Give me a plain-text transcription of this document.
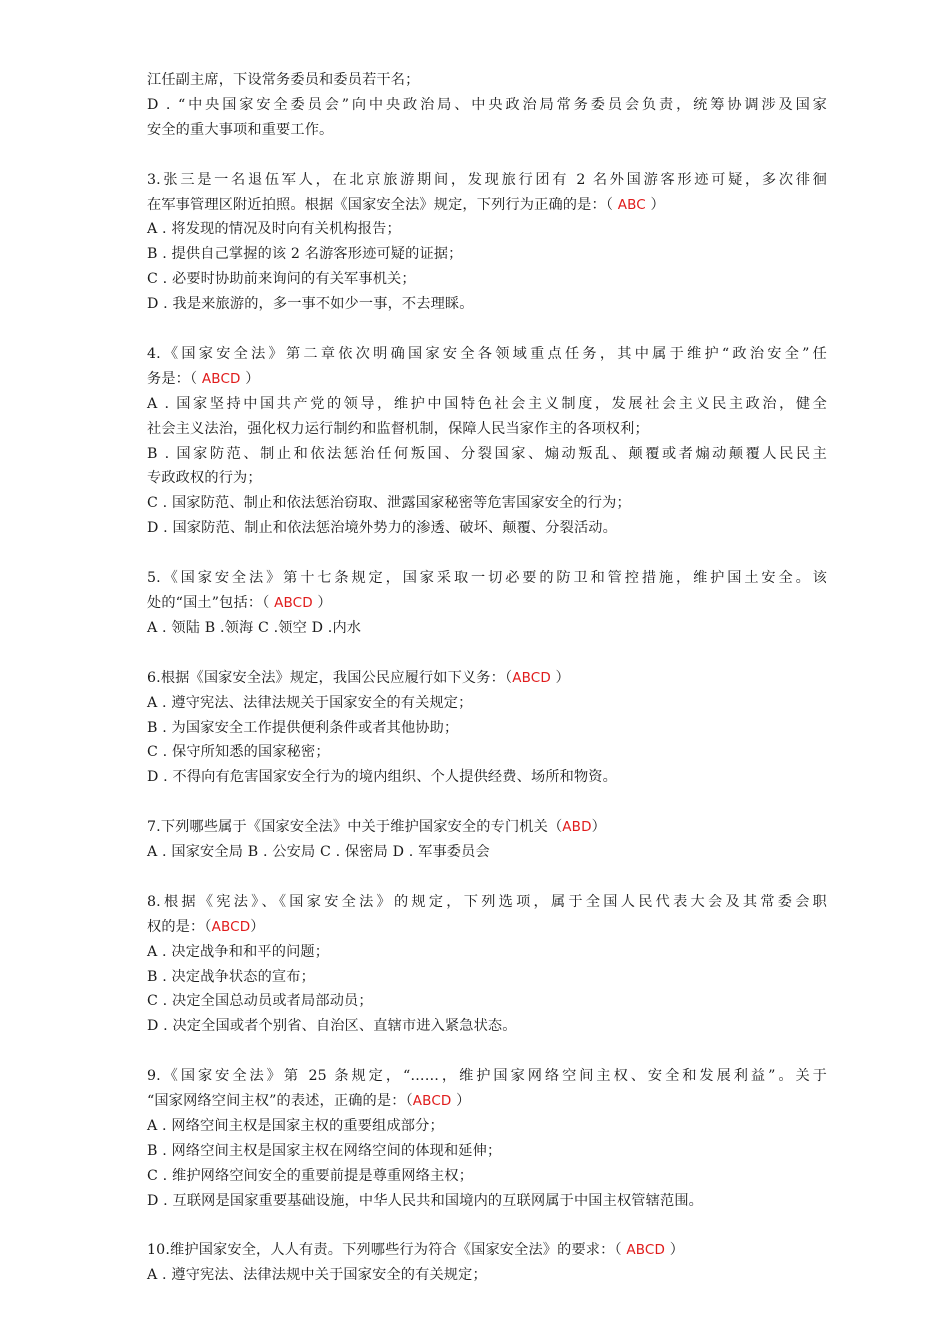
江任副主席，下设常务委员和委员若干名；
D . “中央国家安全委员会”向中央政治局、中央政治局常务委员会负责，统筹协调涉及国家
安全的重大事项和重要工作。
3.张三是一名退伍军人，在北京旅游期间，发现旅行团有 2 名外国游客形迹可疑，多次徘徊
在军事管理区附近拍照。根据《国家安全法》规定，下列行为正确的是：（ ABC ）
A . 将发现的情况及时向有关机构报告；
B . 提供自己掌握的该 2 名游客形迹可疑的证据；
C . 必要时协助前来询问的有关军事机关；
D . 我是来旅游的，多一事不如少一事，不去理睬。
4.《国家安全法》第二章依次明确国家安全各领域重点任务，其中属于维护“政治安全”任
务是：（ ABCD ）
A . 国家坚持中国共产党的领导，维护中国特色社会主义制度，发展社会主义民主政治，健全
社会主义法治，强化权力运行制约和监督机制，保障人民当家作主的各项权利；
B . 国家防范、制止和依法惩治任何叛国、分裂国家、煽动叛乱、颠覆或者煽动颠覆人民民主
专政政权的行为；
C . 国家防范、制止和依法惩治窃取、泄露国家秘密等危害国家安全的行为；
D . 国家防范、制止和依法惩治境外势力的渗透、破坏、颠覆、分裂活动。
5.《国家安全法》第十七条规定，国家采取一切必要的防卫和管控措施，维护国土安全。该
处的“国土”包括：（ ABCD ）
A . 领陆 B .领海 C .领空 D .内水
6.根据《国家安全法》规定，我国公民应履行如下义务：（ABCD ）
A . 遵守宪法、法律法规关于国家安全的有关规定；
B . 为国家安全工作提供便利条件或者其他协助；
C . 保守所知悉的国家秘密；
D . 不得向有危害国家安全行为的境内组织、个人提供经费、场所和物资。
7.下列哪些属于《国家安全法》中关于维护国家安全的专门机关（ABD）
A . 国家安全局 B . 公安局 C . 保密局 D . 军事委员会
8.根据《宪法》、《国家安全法》的规定，下列选项，属于全国人民代表大会及其常委会职
权的是：（ABCD）
A . 决定战争和和平的问题；
B . 决定战争状态的宣布；
C . 决定全国总动员或者局部动员；
D . 决定全国或者个别省、自治区、直辖市进入紧急状态。
9.《国家安全法》第 25 条规定，“……，维护国家网络空间主权、安全和发展利益”。关于
“国家网络空间主权”的表述，正确的是：（ABCD ）
A . 网络空间主权是国家主权的重要组成部分；
B . 网络空间主权是国家主权在网络空间的体现和延伸；
C . 维护网络空间安全的重要前提是尊重网络主权；
D . 互联网是国家重要基础设施，中华人民共和国境内的互联网属于中国主权管辖范围。
10.维护国家安全，人人有责。下列哪些行为符合《国家安全法》的要求：（ ABCD ）
A . 遵守宪法、法律法规中关于国家安全的有关规定；
